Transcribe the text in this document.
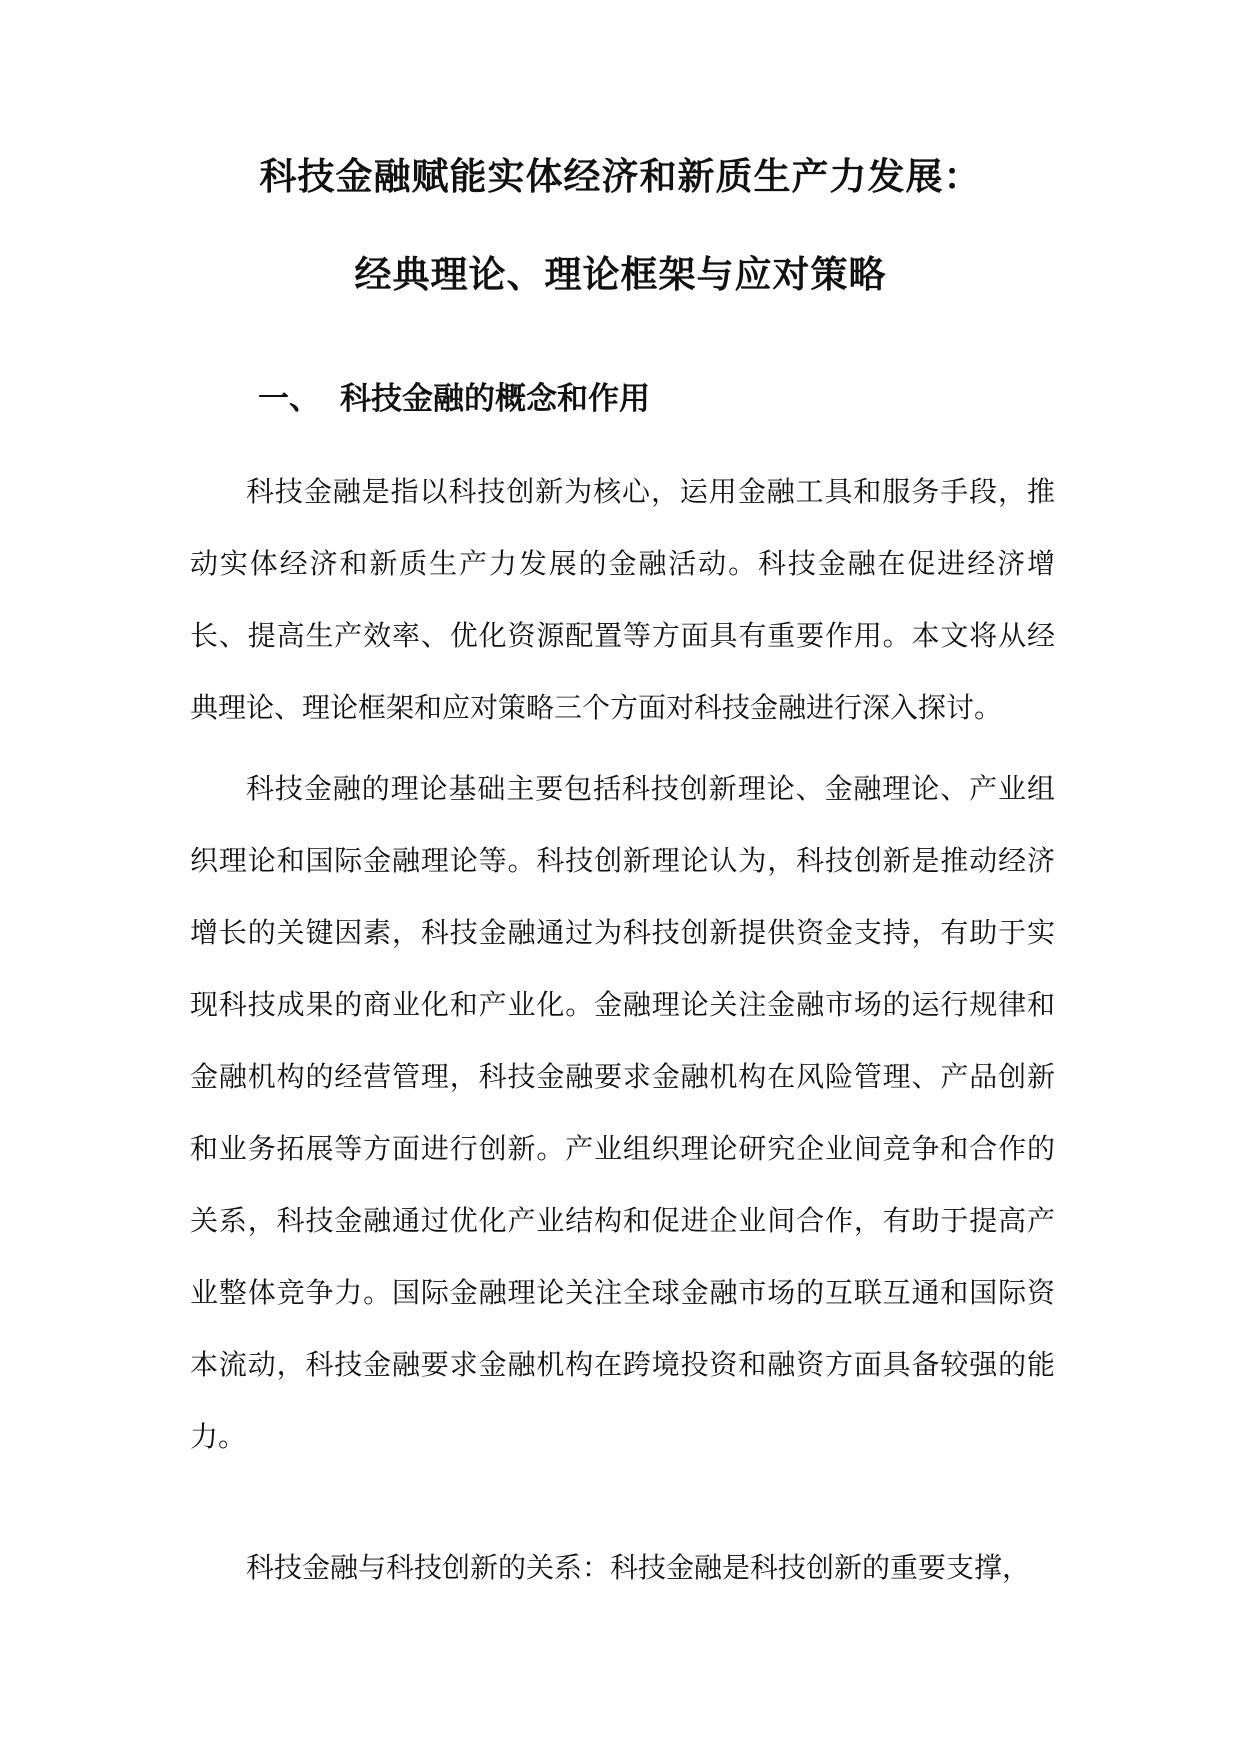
科技金融赋能实体经济和新质生产力发展：
经典理论、理论框架与应对策略
一、 科技金融的概念和作用

科技金融是指以科技创新为核心，运用金融工具和服务手段，推动实体经济和新质生产力发展的金融活动。科技金融在促进经济增长、提高生产效率、优化资源配置等方面具有重要作用。本文将从经典理论、理论框架和应对策略三个方面对科技金融进行深入探讨。

科技金融的理论基础主要包括科技创新理论、金融理论、产业组织理论和国际金融理论等。科技创新理论认为，科技创新是推动经济增长的关键因素，科技金融通过为科技创新提供资金支持，有助于实现科技成果的商业化和产业化。金融理论关注金融市场的运行规律和金融机构的经营管理，科技金融要求金融机构在风险管理、产品创新和业务拓展等方面进行创新。产业组织理论研究企业间竞争和合作的关系，科技金融通过优化产业结构和促进企业间合作，有助于提高产业整体竞争力。国际金融理论关注全球金融市场的互联互通和国际资本流动，科技金融要求金融机构在跨境投资和融资方面具备较强的能力。

科技金融与科技创新的关系：科技金融是科技创新的重要支撑，
